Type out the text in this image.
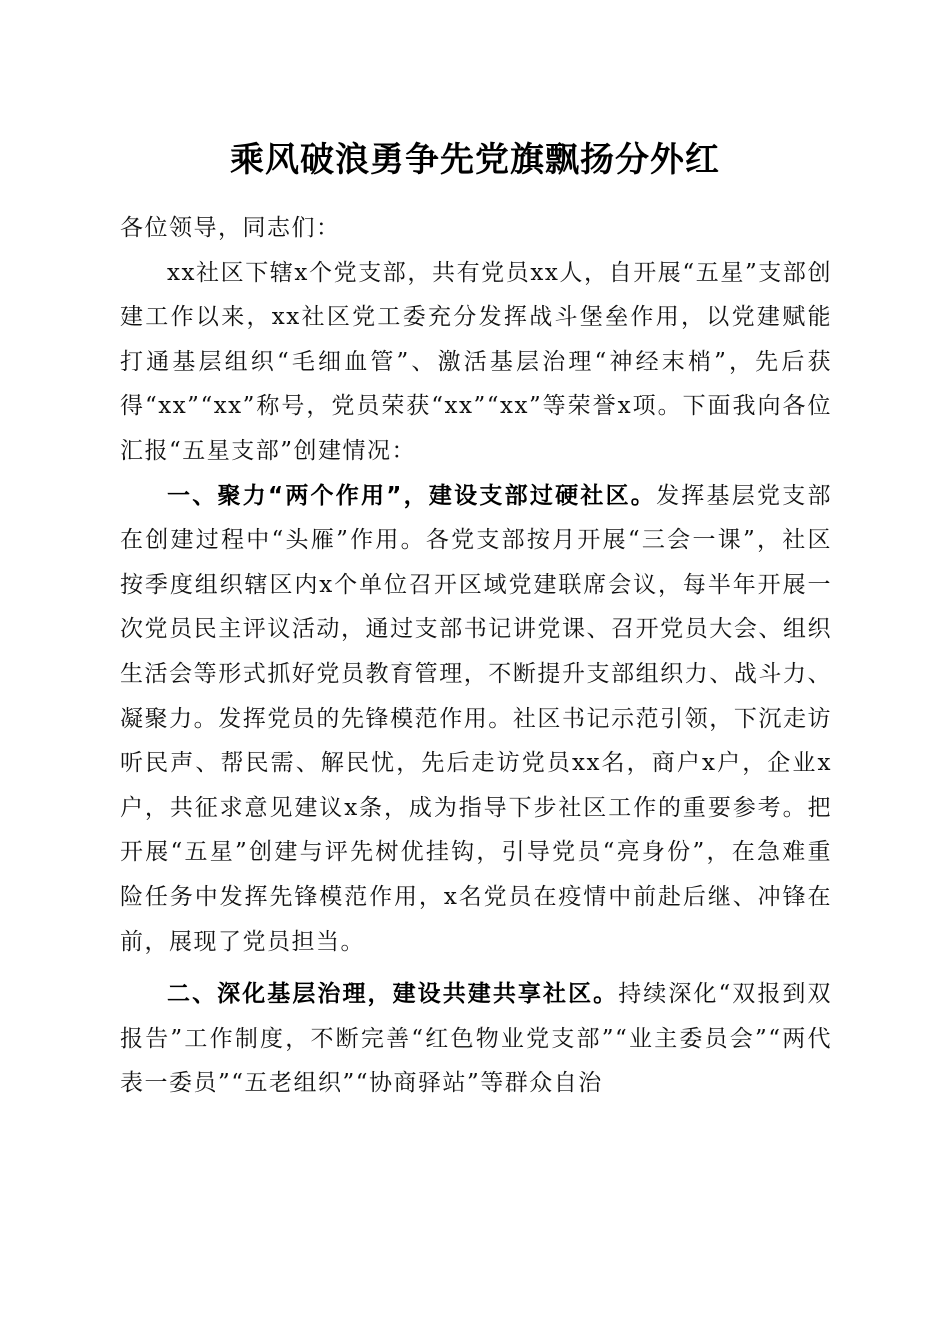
乘风破浪勇争先党旗飘扬分外红

各位领导，同志们：

xx社区下辖x个党支部，共有党员xx人，自开展“五星”支部创建工作以来，xx社区党工委充分发挥战斗堡垒作用，以党建赋能打通基层组织“毛细血管”、激活基层治理“神经末梢”，先后获得“xx”“xx”称号，党员荣获“xx”“xx”等荣誉x项。下面我向各位汇报“五星支部”创建情况：

一、聚力“两个作用”，建设支部过硬社区。发挥基层党支部在创建过程中“头雁”作用。各党支部按月开展“三会一课”，社区按季度组织辖区内x个单位召开区域党建联席会议，每半年开展一次党员民主评议活动，通过支部书记讲党课、召开党员大会、组织生活会等形式抓好党员教育管理，不断提升支部组织力、战斗力、凝聚力。发挥党员的先锋模范作用。社区书记示范引领，下沉走访听民声、帮民需、解民忧，先后走访党员xx名，商户x户，企业x户，共征求意见建议x条，成为指导下步社区工作的重要参考。把开展“五星”创建与评先树优挂钩，引导党员“亮身份”，在急难重险任务中发挥先锋模范作用，x名党员在疫情中前赴后继、冲锋在前，展现了党员担当。

二、深化基层治理，建设共建共享社区。持续深化“双报到双报告”工作制度，不断完善“红色物业党支部”“业主委员会”“两代表一委员”“五老组织”“协商驿站”等群众自治
